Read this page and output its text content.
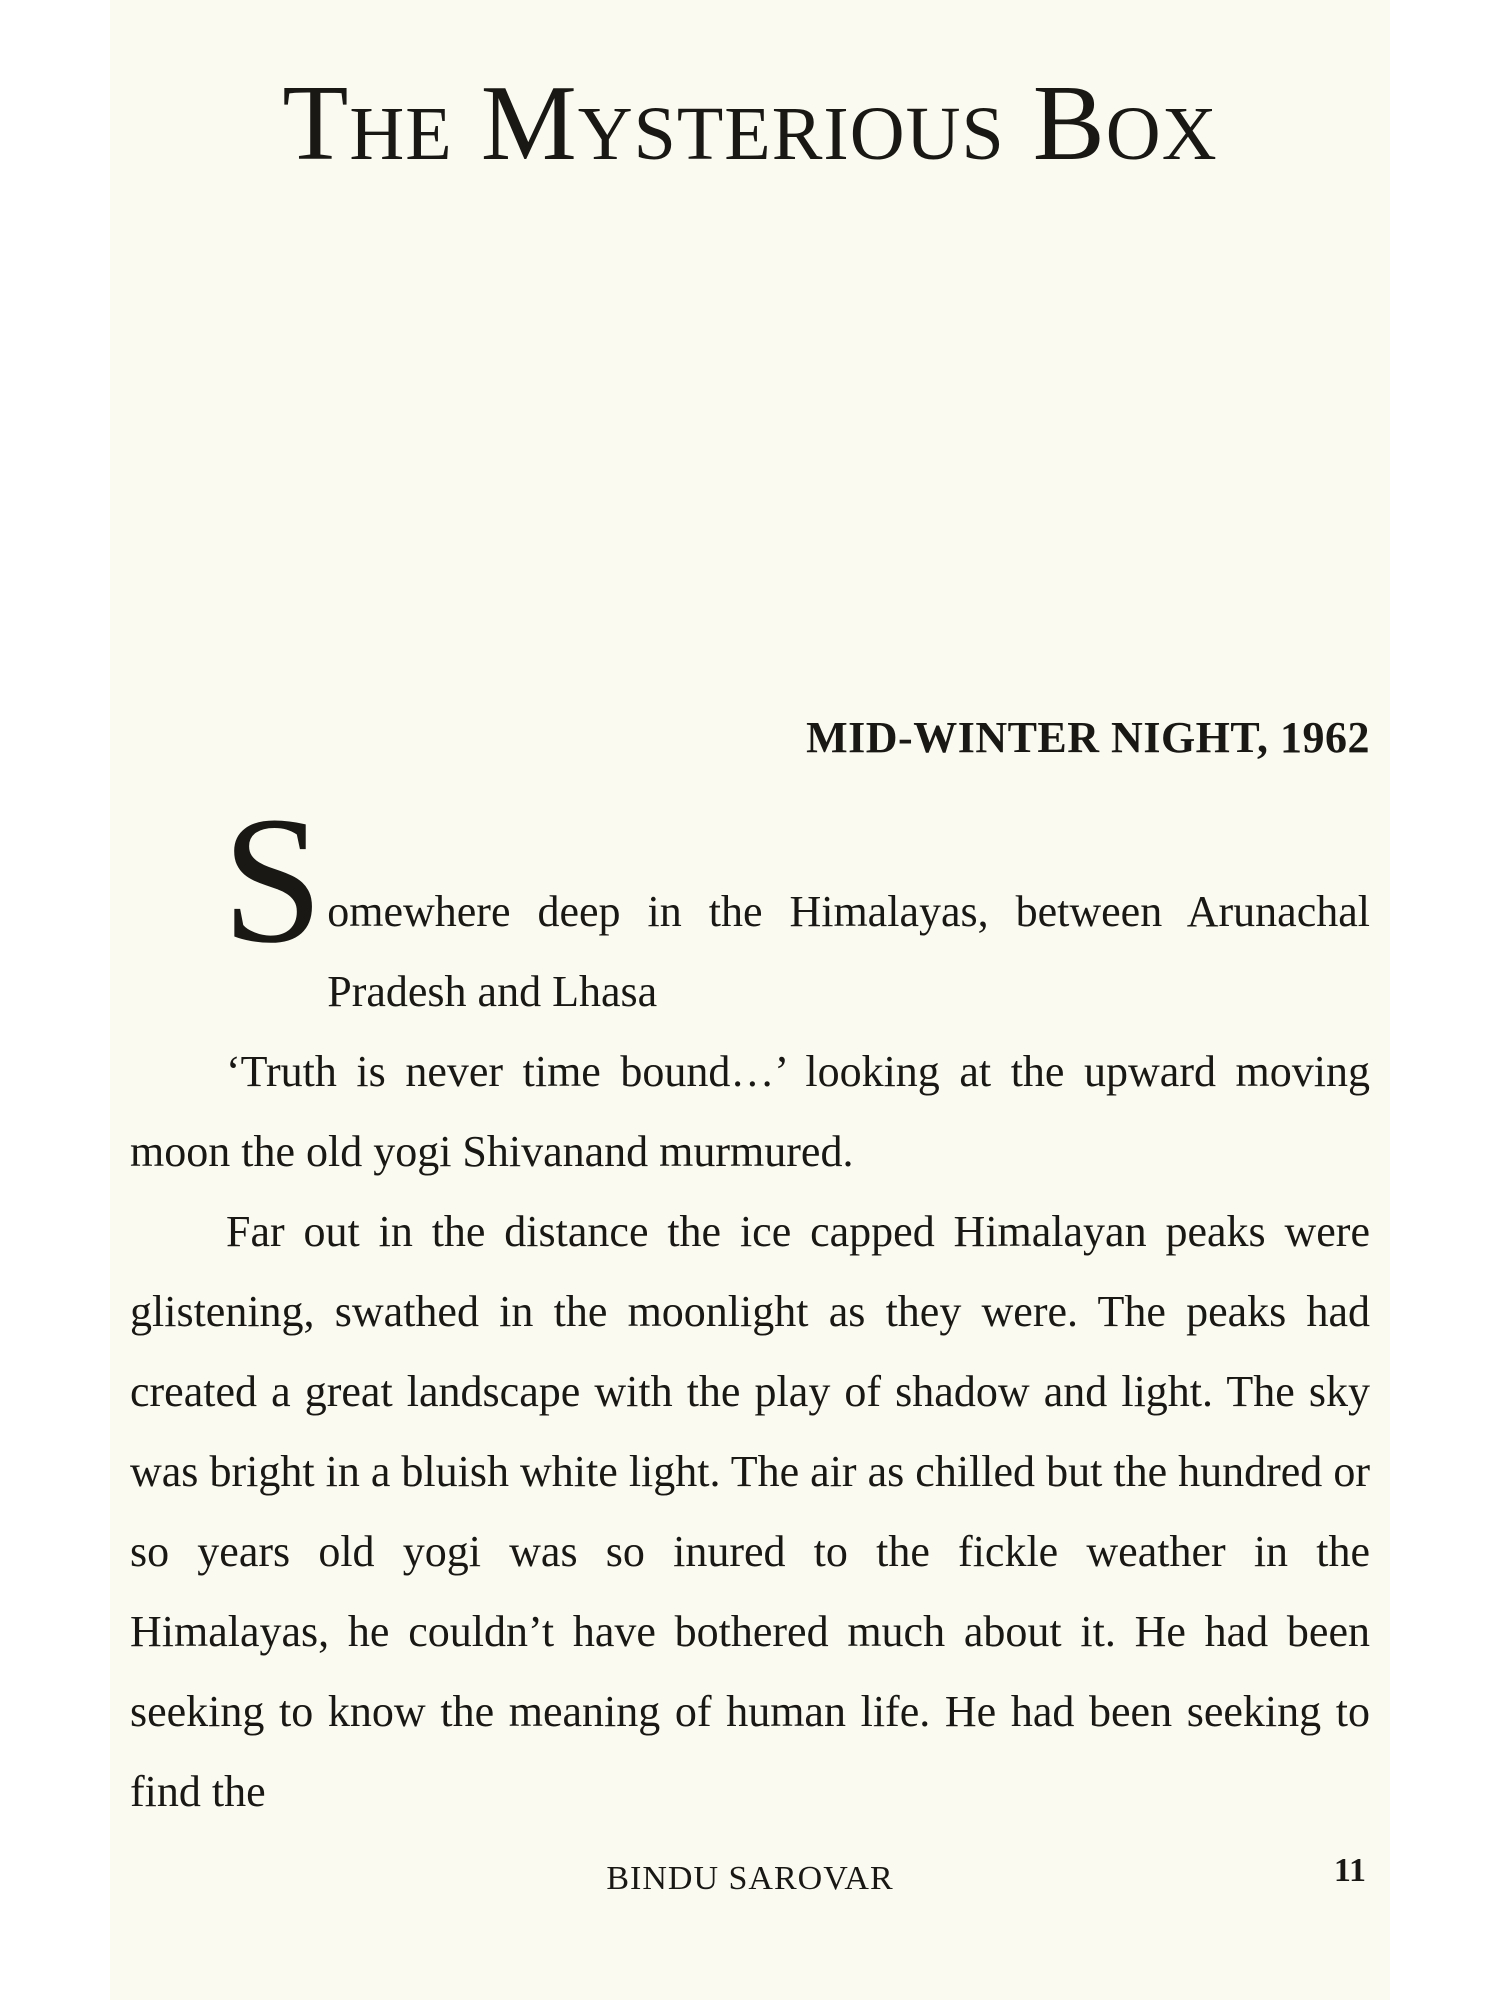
The Mysterious Box
MID-WINTER NIGHT, 1962

Somewhere deep in the Himalayas, between Arunachal Pradesh and Lhasa

‘Truth is never time bound…’ looking at the upward moving moon the old yogi Shivanand murmured.

Far out in the distance the ice capped Himalayan peaks were glistening, swathed in the moonlight as they were. The peaks had created a great landscape with the play of shadow and light. The sky was bright in a bluish white light. The air as chilled but the hundred or so years old yogi was so inured to the fickle weather in the Himalayas, he couldn’t have bothered much about it. He had been seeking to know the meaning of human life. He had been seeking to find the

BINDU SAROVAR	11
